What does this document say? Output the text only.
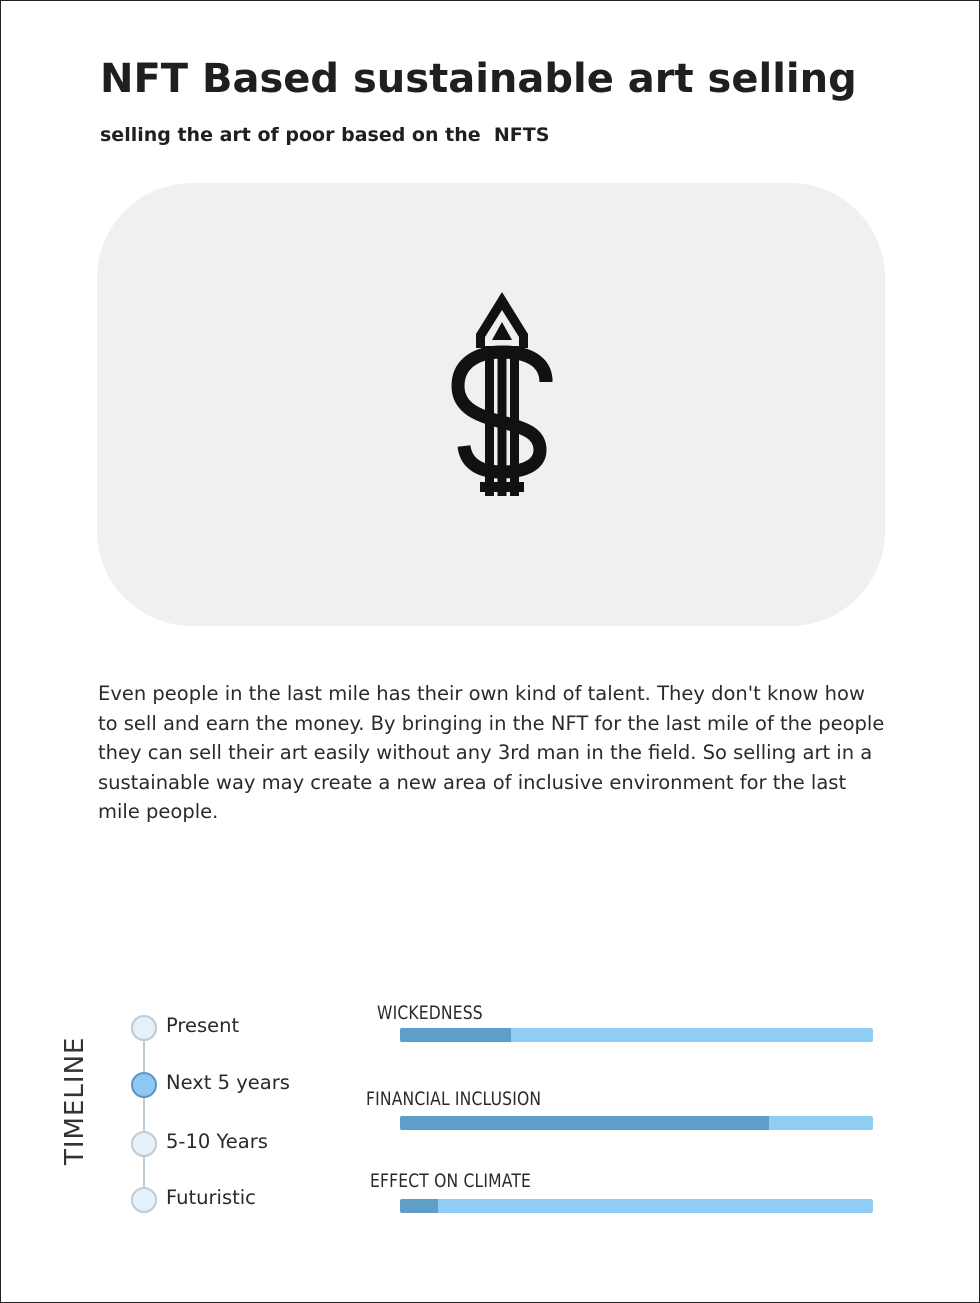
NFT Based sustainable art selling

selling the art of poor based on the  NFTS

Even people in the last mile has their own kind of talent. They don't know how to sell and earn the money. By bringing in the NFT for the last mile of the people they can sell their art easily without any 3rd man in the field. So selling art in a sustainable way may create a new area of inclusive environment for the last mile people.

TIMELINE
Present
Next 5 years
5-10 Years
Futuristic
WICKEDNESS
FINANCIAL INCLUSION
EFFECT ON CLIMATE
